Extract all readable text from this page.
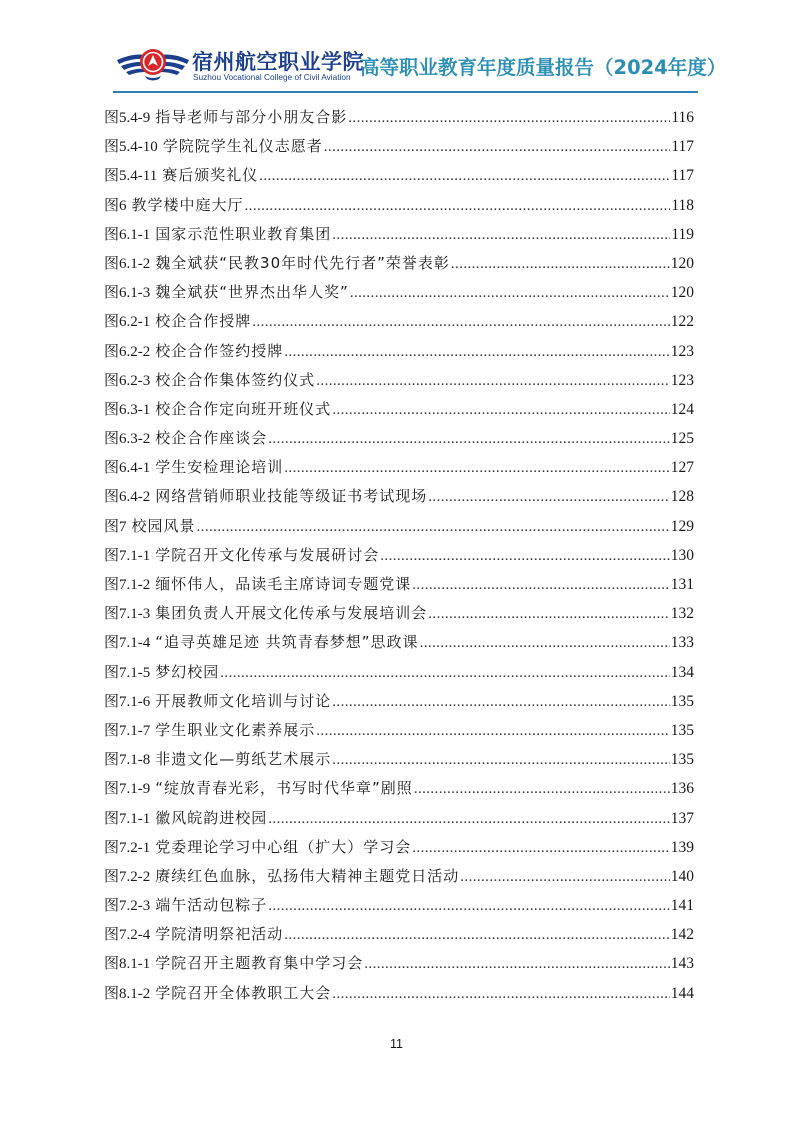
宿州航空职业学院
Suzhou Vocational College of Civil Aviation 高等职业教育年度质量报告（2024年度）
图5.4-9 指导老师与部分小朋友合影 .....	116
图5.4-10 学院院学生礼仪志愿者 .....	117
图5.4-11 赛后颁奖礼仪 .....	117
图6 教学楼中庭大厅 .....	118
图6.1-1 国家示范性职业教育集团 .....	119
图6.1-2 魏全斌获“民教30年时代先行者”荣誉表彰 .....	120
图6.1-3 魏全斌获“世界杰出华人奖” .....	120
图6.2-1 校企合作授牌 .....	122
图6.2-2 校企合作签约授牌 .....	123
图6.2-3 校企合作集体签约仪式 .....	123
图6.3-1 校企合作定向班开班仪式 .....	124
图6.3-2 校企合作座谈会 .....	125
图6.4-1 学生安检理论培训 .....	127
图6.4-2 网络营销师职业技能等级证书考试现场 .....	128
图7 校园风景 .....	129
图7.1-1 学院召开文化传承与发展研讨会 .....	130
图7.1-2 缅怀伟人，品读毛主席诗词专题党课 .....	131
图7.1-3 集团负责人开展文化传承与发展培训会 .....	132
图7.1-4 “追寻英雄足迹 共筑青春梦想”思政课 .....	133
图7.1-5 梦幻校园 .....	134
图7.1-6 开展教师文化培训与讨论 .....	135
图7.1-7 学生职业文化素养展示 .....	135
图7.1-8 非遗文化—剪纸艺术展示 .....	135
图7.1-9 “绽放青春光彩，书写时代华章”剧照 .....	136
图7.1-1 徽风皖韵进校园 .....	137
图7.2-1 党委理论学习中心组（扩大）学习会 .....	139
图7.2-2 赓续红色血脉，弘扬伟大精神主题党日活动 .....	140
图7.2-3 端午活动包粽子 .....	141
图7.2-4 学院清明祭祀活动 .....	142
图8.1-1 学院召开主题教育集中学习会 .....	143
图8.1-2 学院召开全体教职工大会 .....	144
11
